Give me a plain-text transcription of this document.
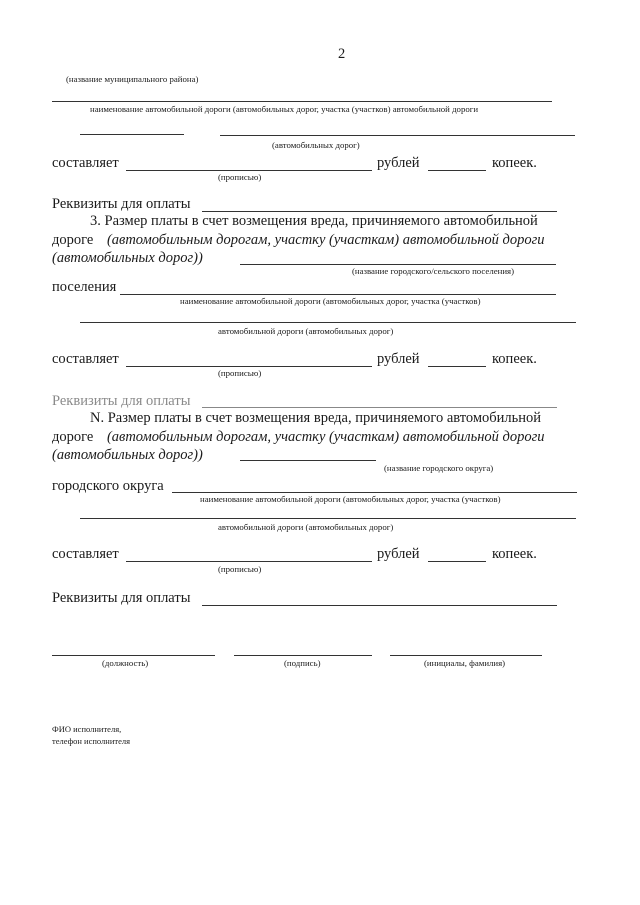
2
(название муниципального района)
наименование автомобильной дороги (автомобильных дорог, участка (участков) автомобильной дороги
(автомобильных дорог)
составляет	рублей	копеек.
(прописью)
Реквизиты для оплаты
3. Размер платы в счет возмещения вреда, причиняемого автомобильной
дороге (автомобильным дорогам, участку (участкам) автомобильной дороги
(автомобильных дорог))
(название городского/сельского поселения)
поселения
наименование автомобильной дороги (автомобильных дорог, участка (участков)
автомобильной дороги (автомобильных дорог)
составляет	рублей	копеек.
(прописью)
Реквизиты для оплаты
N. Размер платы в счет возмещения вреда, причиняемого автомобильной
дороге (автомобильным дорогам, участку (участкам) автомобильной дороги
(автомобильных дорог))
(название городского округа)
городского округа
наименование автомобильной дороги (автомобильных дорог, участка (участков)
автомобильной дороги (автомобильных дорог)
составляет	рублей	копеек.
(прописью)
Реквизиты для оплаты
(должность)	(подпись)	(инициалы, фамилия)
ФИО исполнителя,
телефон исполнителя
